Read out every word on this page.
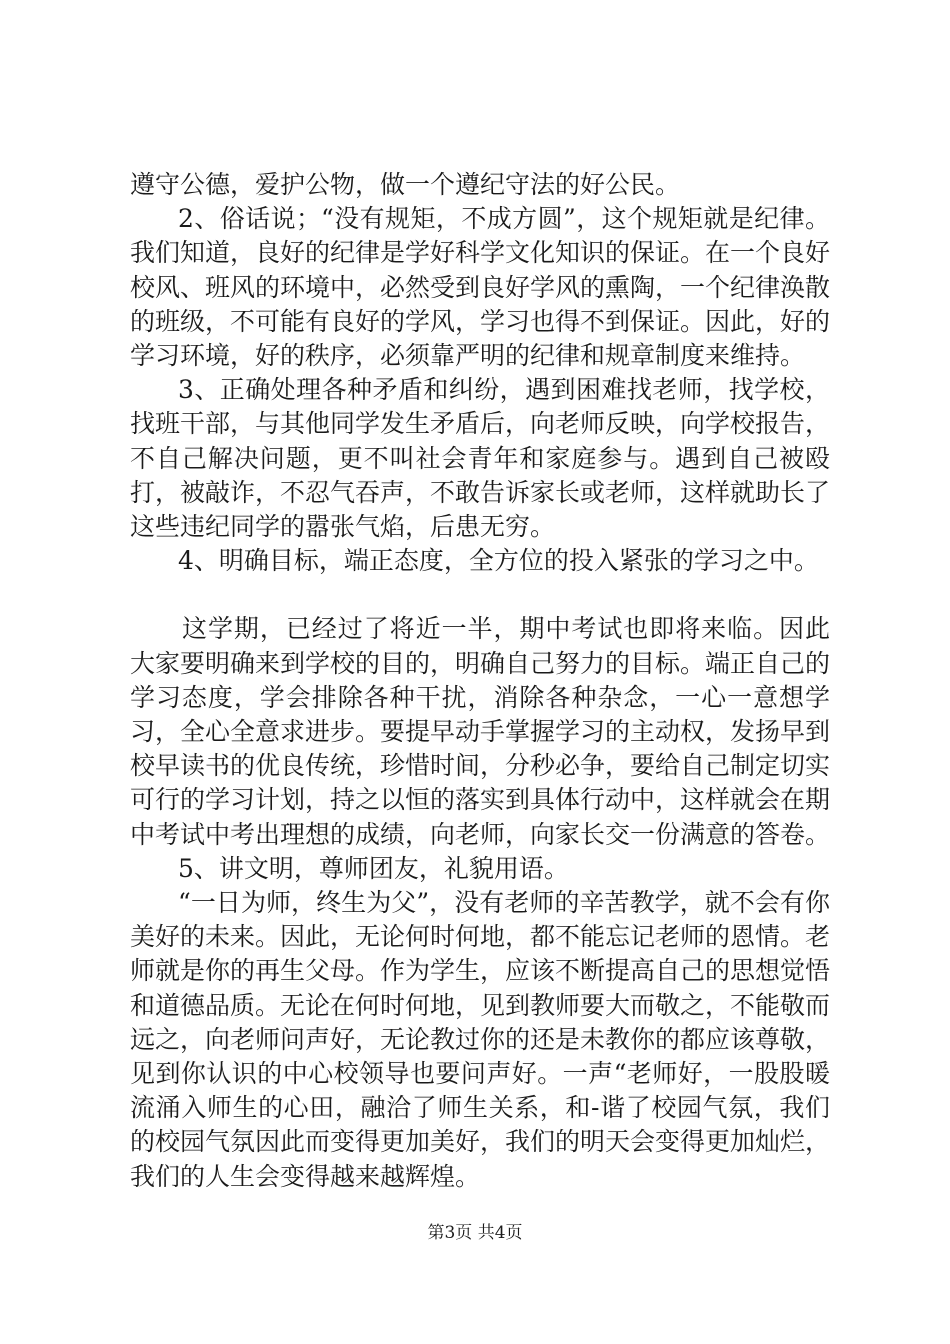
遵守公德，爱护公物，做一个遵纪守法的好公民。

2、俗话说；“没有规矩，不成方圆”，这个规矩就是纪律。我们知道，良好的纪律是学好科学文化知识的保证。在一个良好校风、班风的环境中，必然受到良好学风的熏陶，一个纪律涣散的班级，不可能有良好的学风，学习也得不到保证。因此，好的学习环境，好的秩序，必须靠严明的纪律和规章制度来维持。

3、正确处理各种矛盾和纠纷，遇到困难找老师，找学校，找班干部，与其他同学发生矛盾后，向老师反映，向学校报告，不自己解决问题，更不叫社会青年和家庭参与。遇到自己被殴打，被敲诈，不忍气吞声，不敢告诉家长或老师，这样就助长了这些违纪同学的嚣张气焰，后患无穷。

4、明确目标，端正态度，全方位的投入紧张的学习之中。

这学期，已经过了将近一半，期中考试也即将来临。因此大家要明确来到学校的目的，明确自己努力的目标。端正自己的学习态度，学会排除各种干扰，消除各种杂念，一心一意想学习，全心全意求进步。要提早动手掌握学习的主动权，发扬早到校早读书的优良传统，珍惜时间，分秒必争，要给自己制定切实可行的学习计划，持之以恒的落实到具体行动中，这样就会在期中考试中考出理想的成绩，向老师，向家长交一份满意的答卷。

5、讲文明，尊师团友，礼貌用语。

“一日为师，终生为父”，没有老师的辛苦教学，就不会有你美好的未来。因此，无论何时何地，都不能忘记老师的恩情。老师就是你的再生父母。作为学生，应该不断提高自己的思想觉悟和道德品质。无论在何时何地，见到教师要大而敬之，不能敬而远之，向老师问声好，无论教过你的还是未教你的都应该尊敬，见到你认识的中心校领导也要问声好。一声“老师好，一股股暖流涌入师生的心田，融洽了师生关系，和-谐了校园气氛，我们的校园气氛因此而变得更加美好，我们的明天会变得更加灿烂，我们的人生会变得越来越辉煌。

第3页 共4页
